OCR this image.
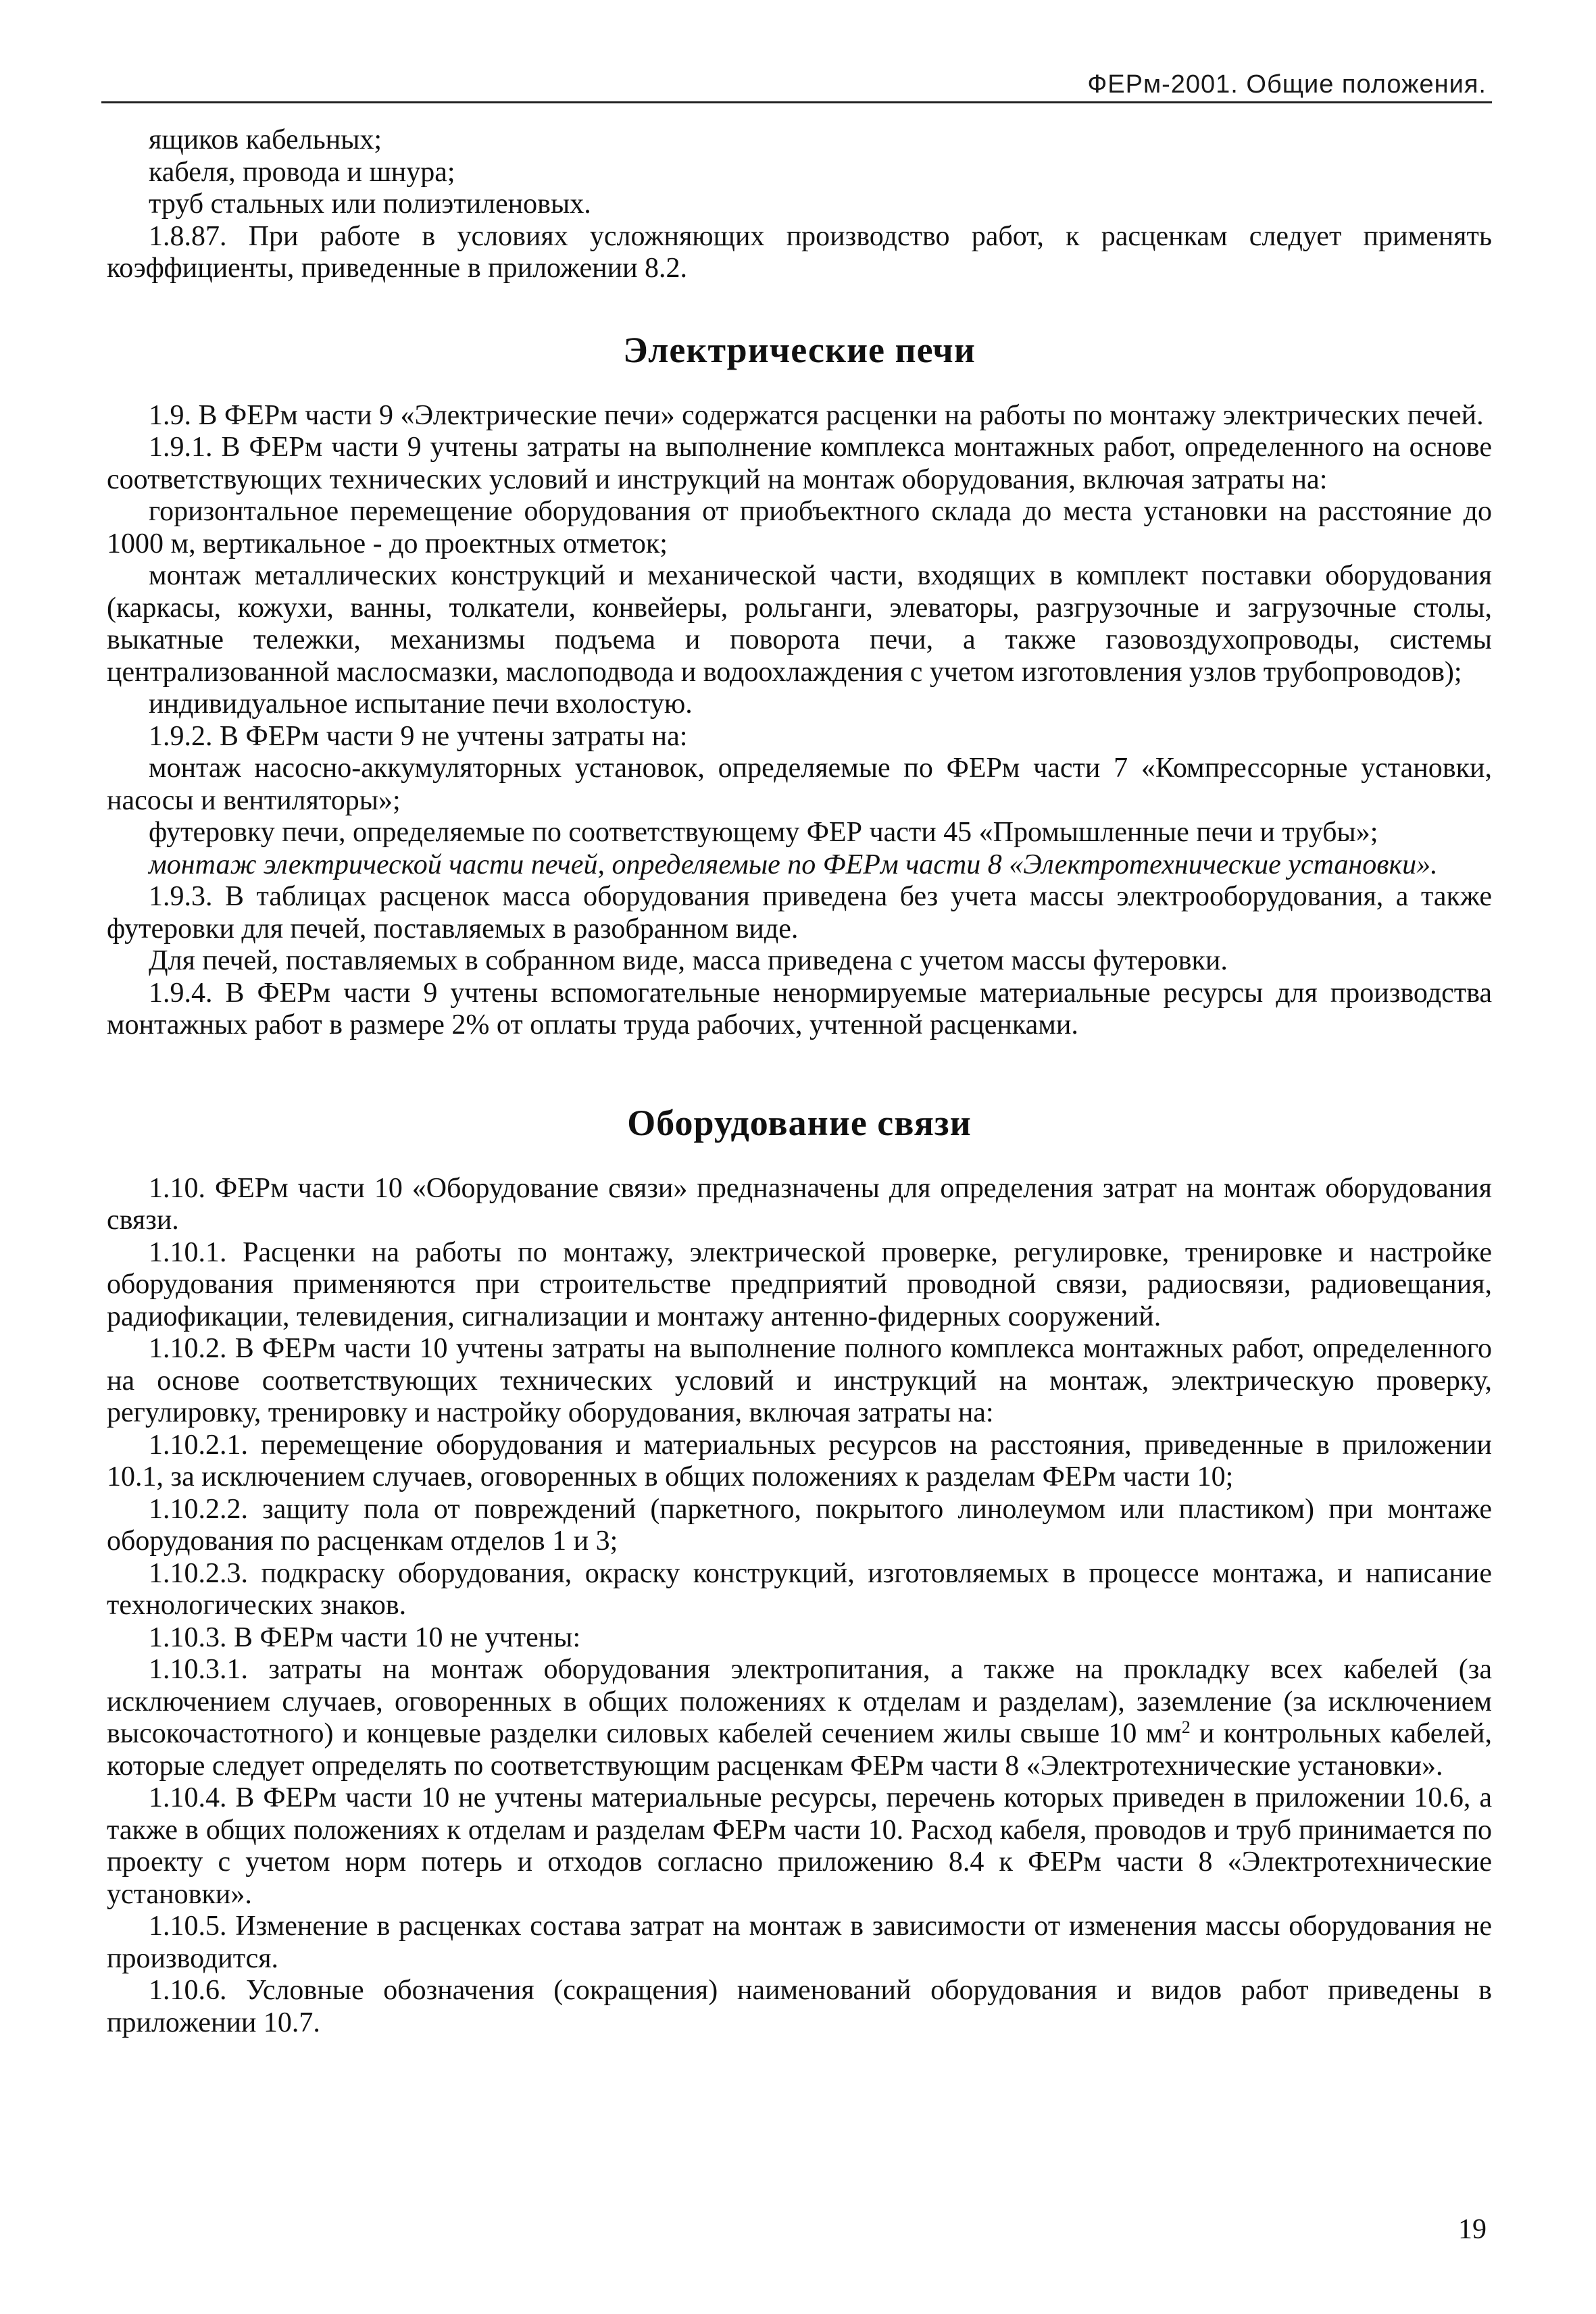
ФЕРм-2001. Общие положения.

ящиков кабельных;

кабеля, провода и шнура;

труб стальных или полиэтиленовых.

1.8.87. При работе в условиях усложняющих производство работ, к расценкам следует применять коэффициенты, приведенные в приложении 8.2.

Электрические печи

1.9. В ФЕРм части 9 «Электрические печи» содержатся расценки на работы по монтажу электрических печей.

1.9.1. В ФЕРм части 9 учтены затраты на выполнение комплекса монтажных работ, определенного на основе соответствующих технических условий и инструкций на монтаж оборудования, включая затраты на:

горизонтальное перемещение оборудования от приобъектного склада до места установки на расстояние до 1000 м, вертикальное - до проектных отметок;

монтаж металлических конструкций и механической части, входящих в комплект поставки оборудования (каркасы, кожухи, ванны, толкатели, конвейеры, рольганги, элеваторы, разгрузочные и загрузочные столы, выкатные тележки, механизмы подъема и поворота печи, а также газовоздухопроводы, системы централизованной маслосмазки, маслоподвода и водоохлаждения с учетом изготовления узлов трубопроводов);

индивидуальное испытание печи вхолостую.

1.9.2. В ФЕРм части 9 не учтены затраты на:

монтаж насосно-аккумуляторных установок, определяемые по ФЕРм части 7 «Компрессорные установки, насосы и вентиляторы»;

футеровку печи, определяемые по соответствующему ФЕР части 45 «Промышленные печи и трубы»;

монтаж электрической части печей, определяемые по ФЕРм части 8 «Электротехнические установки».

1.9.3. В таблицах расценок масса оборудования приведена без учета массы электрооборудования, а также футеровки для печей, поставляемых в разобранном виде.

Для печей, поставляемых в собранном виде, масса приведена с учетом массы футеровки.

1.9.4. В ФЕРм части 9 учтены вспомогательные ненормируемые материальные ресурсы для производства монтажных работ в размере 2% от оплаты труда рабочих, учтенной расценками.

Оборудование связи

1.10. ФЕРм части 10 «Оборудование связи» предназначены для определения затрат на монтаж оборудования связи.

1.10.1. Расценки на работы по монтажу, электрической проверке, регулировке, тренировке и настройке оборудования применяются при строительстве предприятий проводной связи, радиосвязи, радиовещания, радиофикации, телевидения, сигнализации и монтажу антенно-фидерных сооружений.

1.10.2. В ФЕРм части 10 учтены затраты на выполнение полного комплекса монтажных работ, определенного на основе соответствующих технических условий и инструкций на монтаж, электрическую проверку, регулировку, тренировку и настройку оборудования, включая затраты на:

1.10.2.1. перемещение оборудования и материальных ресурсов на расстояния, приведенные в приложении 10.1, за исключением случаев, оговоренных в общих положениях к разделам ФЕРм части 10;

1.10.2.2. защиту пола от повреждений (паркетного, покрытого линолеумом или пластиком) при монтаже оборудования по расценкам отделов 1 и 3;

1.10.2.3. подкраску оборудования, окраску конструкций, изготовляемых в процессе монтажа, и написание технологических знаков.

1.10.3. В ФЕРм части 10 не учтены:

1.10.3.1. затраты на монтаж оборудования электропитания, а также на прокладку всех кабелей (за исключением случаев, оговоренных в общих положениях к отделам и разделам), заземление (за исключением высокочастотного) и концевые разделки силовых кабелей сечением жилы свыше 10 $мм^2$ и контрольных кабелей, которые следует определять по соответствующим расценкам ФЕРм части 8 «Электротехнические установки».

1.10.4. В ФЕРм части 10 не учтены материальные ресурсы, перечень которых приведен в приложении 10.6, а также в общих положениях к отделам и разделам ФЕРм части 10. Расход кабеля, проводов и труб принимается по проекту с учетом норм потерь и отходов согласно приложению 8.4 к ФЕРм части 8 «Электротехнические установки».

1.10.5. Изменение в расценках состава затрат на монтаж в зависимости от изменения массы оборудования не производится.

1.10.6. Условные обозначения (сокращения) наименований оборудования и видов работ приведены в приложении 10.7.

19
